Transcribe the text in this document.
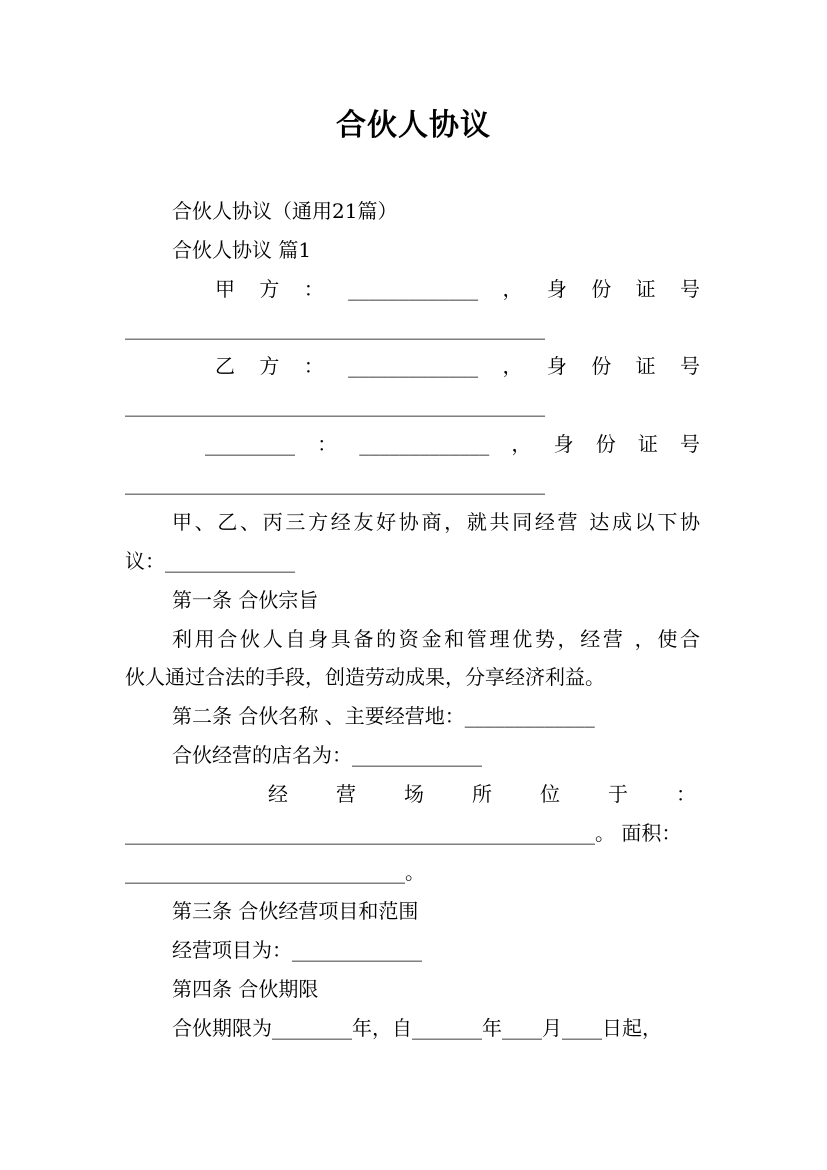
合伙人协议
合伙人协议（通用21篇）
合伙人协议 篇1
甲方：_____________，身份证号
__________________________________________
乙方：_____________，身份证号
__________________________________________
_________：_____________，身份证号
__________________________________________
甲、乙、丙三方经友好协商，就共同经营 达成以下协
议：_____________
第一条 合伙宗旨
利用合伙人自身具备的资金和管理优势，经营 ，使合
伙人通过合法的手段，创造劳动成果，分享经济利益。
第二条 合伙名称 、主要经营地：_____________
合伙经营的店名为：_____________
经营场所位于：
_______________________________________________。 面积：
____________________________。
第三条 合伙经营项目和范围
经营项目为：_____________
第四条 合伙期限
合伙期限为________年，自_______年____月____日起，
